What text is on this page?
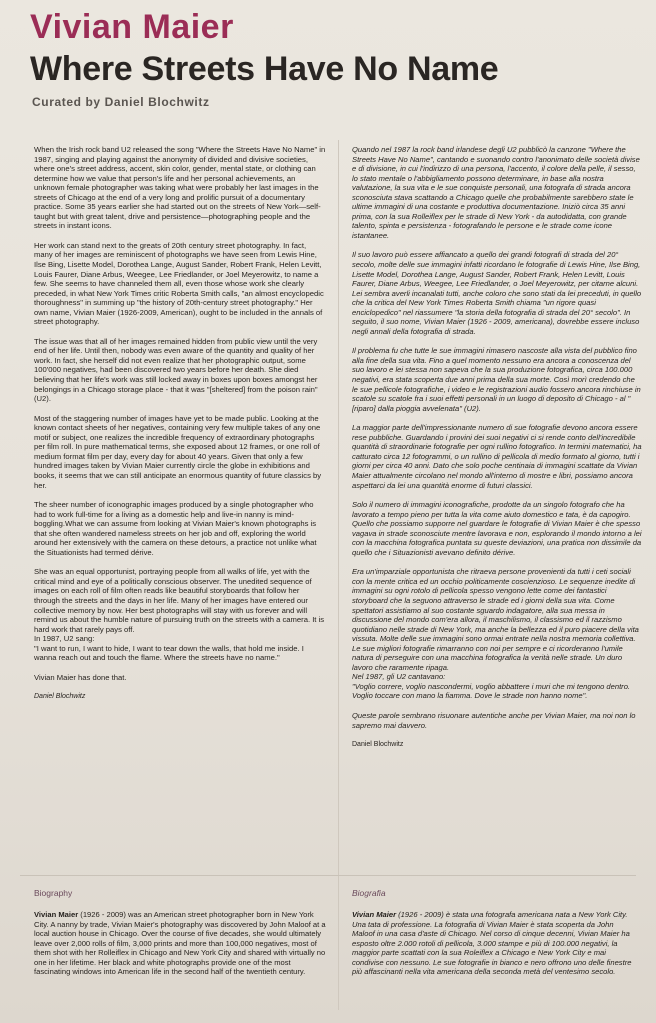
Vivian Maier
Where Streets Have No Name

Curated by Daniel Blochwitz

When the Irish rock band U2 released the song "Where the Streets Have No Name" in 1987, singing and playing against the anonymity of divided and divisive societies, where one's street address, accent, skin color, gender, mental state, or clothing can determine how we value that person's life and her personal achievements, an unknown female photographer was taking what were probably her last images in the streets of Chicago at the end of a very long and prolific pursuit of a documentary practice. Some 35 years earlier she had started out on the streets of New York—self-taught but with great talent, drive and persistence—photographing people and the streets in instant icons.

Her work can stand next to the greats of 20th century street photography. In fact, many of her images are reminiscent of photographs we have seen from Lewis Hine, Ilse Bing, Lisette Model, Dorothea Lange, August Sander, Robert Frank, Helen Levitt, Louis Faurer, Diane Arbus, Weegee, Lee Friedlander, or Joel Meyerowitz, to name a few. She seems to have channeled them all, even those whose work she clearly preceded, in what New York Times critic Roberta Smith calls, "an almost encyclopedic thoroughness" in summing up "the history of 20th-century street photography." Her own name, Vivian Maier (1926-2009, American), ought to be included in the annals of street photography.

The issue was that all of her images remained hidden from public view until the very end of her life. Until then, nobody was even aware of the quantity and quality of her work. In fact, she herself did not even realize that her photographic output, some 100'000 negatives, had been discovered two years before her death. She died believing that her life's work was still locked away in boxes upon boxes amongst her belongings in a Chicago storage place - that it was "[sheltered] from the poison rain" (U2).

Most of the staggering number of images have yet to be made public. Looking at the known contact sheets of her negatives, containing very few multiple takes of any one motif or subject, one realizes the incredible frequency of extraordinary photographs per film roll. In pure mathematical terms, she exposed about 12 frames, or one roll of medium format film per day, every day for about 40 years. Given that only a few hundred images taken by Vivian Maier currently circle the globe in exhibitions and books, it seems that we can still anticipate an enormous quantity of future classics by her.

The sheer number of iconographic images produced by a single photographer who had to work full-time for a living as a domestic help and live-in nanny is mind-boggling.What we can assume from looking at Vivian Maier's known photographs is that she often wandered nameless streets on her job and off, exploring the world around her extensively with the camera on these detours, a practice not unlike what the Situationists had termed dérive.

She was an equal opportunist, portraying people from all walks of life, yet with the critical mind and eye of a politically conscious observer. The unedited sequence of images on each roll of film often reads like beautiful storyboards that follow her through the streets and the days in her life. Many of her images have entered our collective memory by now. Her best photographs will stay with us forever and will remind us about the humble nature of pursuing truth on the streets with a camera. It is hard work that rarely pays off.
In 1987, U2 sang:
"I want to run, I want to hide, I want to tear down the walls, that hold me inside. I wanna reach out and touch the flame. Where the streets have no name."

Vivian Maier has done that.

Daniel Blochwitz

Quando nel 1987 la rock band irlandese degli U2 pubblicò la canzone "Where the Streets Have No Name", cantando e suonando contro l'anonimato delle società divise e di divisione, in cui l'indirizzo di una persona, l'accento, il colore della pelle, il sesso, lo stato mentale o l'abbigliamento possono determinare, in base alla nostra valutazione, la sua vita e le sue conquiste personali, una fotografa di strada ancora sconosciuta stava scattando a Chicago quelle che probabilmente sarebbero state le ultime immagini di una costante e produttiva documentazione. Iniziò circa 35 anni prima, con la sua Rolleiflex per le strade di New York - da autodidatta, con grande talento, spinta e persistenza - fotografando le persone e le strade come icone istantanee.

Il suo lavoro può essere affiancato a quello dei grandi fotografi di strada del 20° secolo, molte delle sue immagini infatti ricordano le fotografie di Lewis Hine, Ilse Bing, Lisette Model, Dorothea Lange, August Sander, Robert Frank, Helen Levitt, Louis Faurer, Diane Arbus, Weegee, Lee Friedlander, o Joel Meyerowitz, per citarne alcuni. Lei sembra averli incanalati tutti, anche coloro che sono stati da lei preceduti, in quello che la critica del New York Times Roberta Smith chiama "un rigore quasi enciclopedico" nel riassumere "la storia della fotografia di strada del 20° secolo". In seguito, il suo nome, Vivian Maier (1926 - 2009, americana), dovrebbe essere incluso negli annali della fotografia di strada.

Il problema fu che tutte le sue immagini rimasero nascoste alla vista del pubblico fino alla fine della sua vita. Fino a quel momento nessuno era ancora a conoscenza del suo lavoro e lei stessa non sapeva che la sua produzione fotografica, circa 100.000 negativi, era stata scoperta due anni prima della sua morte. Così morì credendo che le sue pellicole fotografiche, i video e le registrazioni audio fossero ancora rinchiuse in scatole su scatole fra i suoi effetti personali in un luogo di deposito di Chicago - al "[riparo] dalla pioggia avvelenata" (U2).

La maggior parte dell'impressionante numero di sue fotografie devono ancora essere rese pubbliche. Guardando i provini dei suoi negativi ci si rende conto dell'incredibile quantità di straordinarie fotografie per ogni rullino fotografico. In termini matematici, ha catturato circa 12 fotogrammi, o un rullino di pellicola di medio formato al giorno, tutti i giorni per circa 40 anni. Dato che solo poche centinaia di immagini scattate da Vivian Maier attualmente circolano nel mondo all'interno di mostre e libri, possiamo ancora aspettarci da lei una quantità enorme di futuri classici.

Solo il numero di immagini iconografiche, prodotte da un singolo fotografo che ha lavorato a tempo pieno per tutta la vita come aiuto domestico e tata, è da capogiro. Quello che possiamo supporre nel guardare le fotografie di Vivian Maier è che spesso vagava in strade sconosciute mentre lavorava e non, esplorando il mondo intorno a lei con la macchina fotografica puntata su queste deviazioni, una pratica non dissimile da quello che i Situazionisti avevano definito dérive.

Era un'imparziale opportunista che ritraeva persone provenienti da tutti i ceti sociali con la mente critica ed un occhio politicamente coscienzioso. Le sequenze inedite di immagini su ogni rotolo di pellicola spesso vengono lette come dei fantastici storyboard che la seguono attraverso le strade ed i giorni della sua vita. Come spettatori assistiamo al suo costante sguardo indagatore, alla sua messa in discussione del mondo com'era allora, il maschilismo, il classismo ed il razzismo quotidiano nelle strade di New York, ma anche la bellezza ed il puro piacere della vita vissuta. Molte delle sue immagini sono ormai entrate nella nostra memoria collettiva. Le sue migliori fotografie rimarranno con noi per sempre e ci ricorderanno l'umile natura di perseguire con una macchina fotografica la verità nelle strade. Un duro lavoro che raramente ripaga.
Nel 1987, gli U2 cantavano:
"Voglio correre, voglio nascondermi, voglio abbattere i muri che mi tengono dentro. Voglio toccare con mano la fiamma. Dove le strade non hanno nome".

Queste parole sembrano risuonare autentiche anche per Vivian Maier, ma noi non lo sapremo mai davvero.

Daniel Blochwitz

Biography
Vivian Maier (1926 - 2009) was an American street photographer born in New York City. A nanny by trade, Vivian Maier's photography was discovered by John Maloof at a local auction house in Chicago. Over the course of five decades, she would ultimately leave over 2,000 rolls of film, 3,000 prints and more than 100,000 negatives, most of them shot with her Rolleiflex in Chicago and New York City and shared with virtually no one in her lifetime. Her black and white photographs provide one of the most fascinating windows into American life in the second half of the twentieth century.
Biografia
Vivian Maier (1926 - 2009) è stata una fotografa americana nata a New York City. Una tata di professione. La fotografia di Vivian Maier è stata scoperta da John Maloof in una casa d'aste di Chicago. Nel corso di cinque decenni, Vivian Maier ha esposto oltre 2.000 rotoli di pellicola, 3.000 stampe e più di 100.000 negativi, la maggior parte scattati con la sua Roleiflex a Chicago e New York City e mai condivise con nessuno. Le sue fotografie in bianco e nero offrono uno delle finestre più affascinanti nella vita americana della seconda metà del ventesimo secolo.
